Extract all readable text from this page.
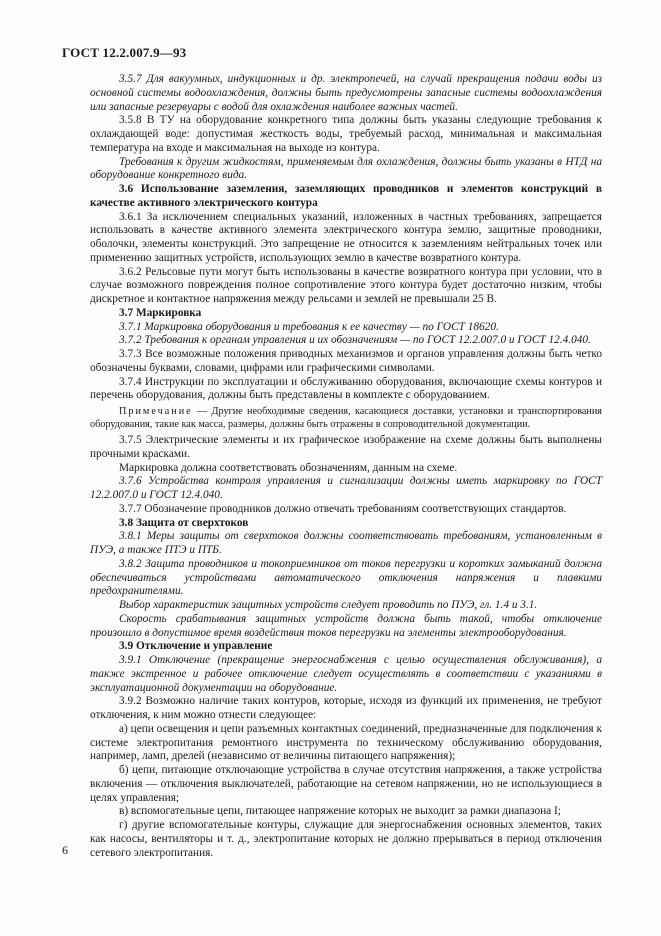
ГОСТ 12.2.007.9—93

3.5.7 Для вакуумных, индукционных и др. электропечей, на случай прекращения подачи воды из основной системы водоохлаждения, должны быть предусмотрены запасные системы водоохлаждения или запасные резервуары с водой для охлаждения наиболее важных частей.

3.5.8 В ТУ на оборудование конкретного типа должны быть указаны следующие требования к охлаждающей воде: допустимая жесткость воды, требуемый расход, минимальная и максимальная температура на входе и максимальная на выходе из контура.

Требования к другим жидкостям, применяемым для охлаждения, должны быть указаны в НТД на оборудование конкретного вида.

3.6 Использование заземления, заземляющих проводников и элементов конструкций в качестве активного электрического контура

3.6.1 За исключением специальных указаний, изложенных в частных требованиях, запрещается использовать в качестве активного элемента электрического контура землю, защитные проводники, оболочки, элементы конструкций. Это запрещение не относится к заземлениям нейтральных точек или применению защитных устройств, использующих землю в качестве возвратного контура.

3.6.2 Рельсовые пути могут быть использованы в качестве возвратного контура при условии, что в случае возможного повреждения полное сопротивление этого контура будет достаточно низким, чтобы дискретное и контактное напряжения между рельсами и землей не превышали 25 В.

3.7 Маркировка

3.7.1 Маркировка оборудования и требования к ее качеству — по ГОСТ 18620.

3.7.2 Требования к органам управления и их обозначениям — по ГОСТ 12.2.007.0 и ГОСТ 12.4.040.

3.7.3 Все возможные положения приводных механизмов и органов управления должны быть четко обозначены буквами, словами, цифрами или графическими символами.

3.7.4 Инструкции по эксплуатации и обслуживанию оборудования, включающие схемы контуров и перечень оборудования, должны быть представлены в комплекте с оборудованием.

Примечание — Другие необходимые сведения, касающиеся доставки, установки и транспортирования оборудования, такие как масса, размеры, должны быть отражены в сопроводительной документации.

3.7.5 Электрические элементы и их графическое изображение на схеме должны быть выполнены прочными красками.

Маркировка должна соответствовать обозначениям, данным на схеме.

3.7.6 Устройства контроля управления и сигнализации должны иметь маркировку по ГОСТ 12.2.007.0 и ГОСТ 12.4.040.

3.7.7 Обозначение проводников должно отвечать требованиям соответствующих стандартов.

3.8 Защита от сверхтоков

3.8.1 Меры защиты от сверхтоков должны соответствовать требованиям, установленным в ПУЭ, а также ПТЭ и ПТБ.

3.8.2 Защита проводников и токоприемников от токов перегрузки и коротких замыканий должна обеспечиваться устройствами автоматического отключения напряжения и плавкими предохранителями.

Выбор характеристик защитных устройств следует проводить по ПУЭ, гл. 1.4 и 3.1.

Скорость срабатывания защитных устройств должна быть такой, чтобы отключение произошло в допустимое время воздействия токов перегрузки на элементы электрооборудования.

3.9 Отключение и управление

3.9.1 Отключение (прекращение энергоснабжения с целью осуществления обслуживания), а также экстренное и рабочее отключение следует осуществлять в соответствии с указаниями в эксплуатационной документации на оборудование.

3.9.2 Возможно наличие таких контуров, которые, исходя из функций их применения, не требуют отключения, к ним можно отнести следующее:

а) цепи освещения и цепи разъемных контактных соединений, предназначенные для подключения к системе электропитания ремонтного инструмента по техническому обслуживанию оборудования, например, ламп, дрелей (независимо от величины питающего напряжения);

б) цепи, питающие отключающие устройства в случае отсутствия напряжения, а также устройства включения — отключения выключателей, работающие на сетевом напряжении, но не использующиеся в целях управления;

в) вспомогательные цепи, питающее напряжение которых не выходит за рамки диапазона I;

г) другие вспомогательные контуры, служащие для энергоснабжения основных элементов, таких как насосы, вентиляторы и т. д., электропитание которых не должно прерываться в период отключения сетевого электропитания.

6
